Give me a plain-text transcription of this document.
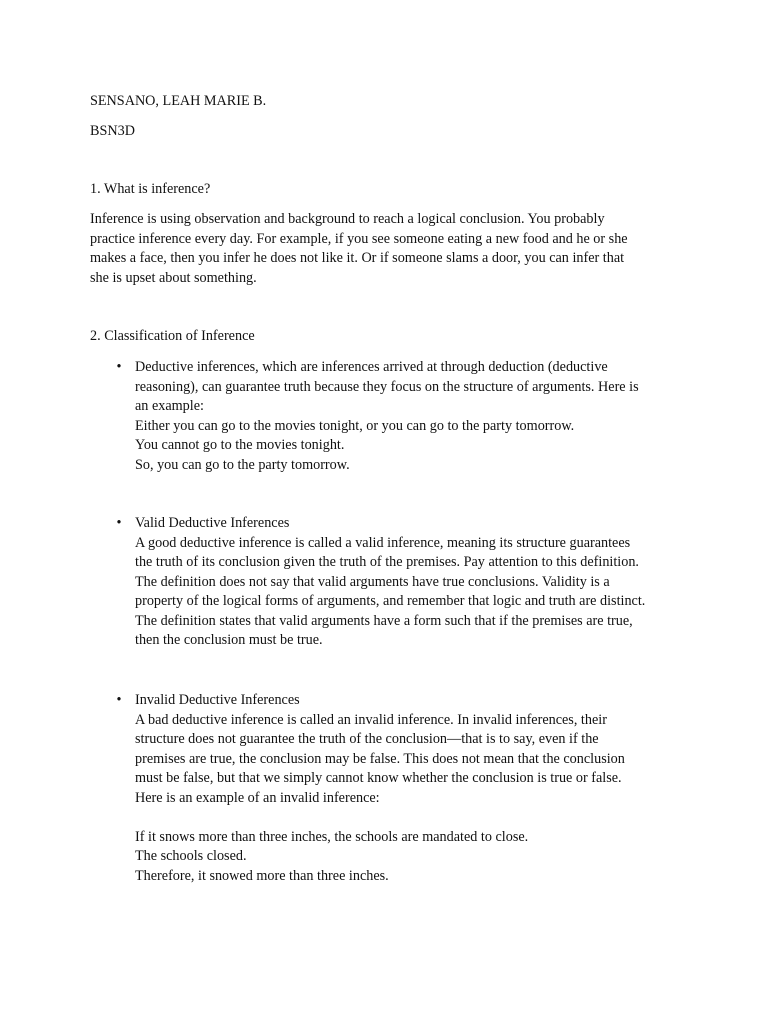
SENSANO, LEAH MARIE B.
BSN3D
1. What is inference?
Inference is using observation and background to reach a logical conclusion. You probably
practice inference every day. For example, if you see someone eating a new food and he or she
makes a face, then you infer he does not like it. Or if someone slams a door, you can infer that
she is upset about something.
2. Classification of Inference
• Deductive inferences, which are inferences arrived at through deduction (deductive
reasoning), can guarantee truth because they focus on the structure of arguments. Here is
an example:
Either you can go to the movies tonight, or you can go to the party tomorrow.
You cannot go to the movies tonight.
So, you can go to the party tomorrow.
• Valid Deductive Inferences
A good deductive inference is called a valid inference, meaning its structure guarantees
the truth of its conclusion given the truth of the premises. Pay attention to this definition.
The definition does not say that valid arguments have true conclusions. Validity is a
property of the logical forms of arguments, and remember that logic and truth are distinct.
The definition states that valid arguments have a form such that if the premises are true,
then the conclusion must be true.
• Invalid Deductive Inferences
A bad deductive inference is called an invalid inference. In invalid inferences, their
structure does not guarantee the truth of the conclusion—that is to say, even if the
premises are true, the conclusion may be false. This does not mean that the conclusion
must be false, but that we simply cannot know whether the conclusion is true or false.
Here is an example of an invalid inference:

If it snows more than three inches, the schools are mandated to close.
The schools closed.
Therefore, it snowed more than three inches.
